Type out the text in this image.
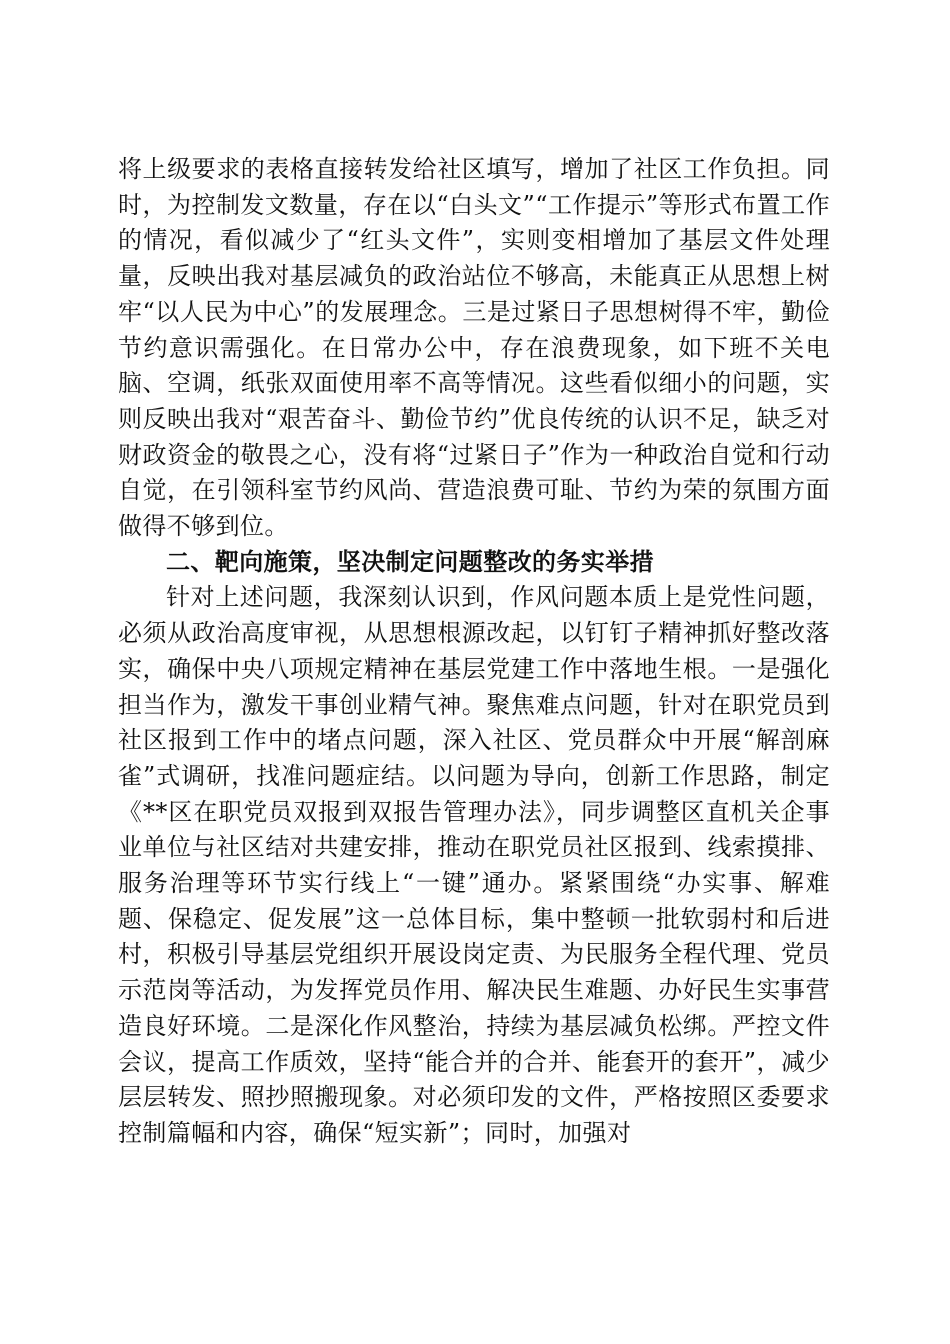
将上级要求的表格直接转发给社区填写，增加了社区工作负担。同时，为控制发文数量，存在以“白头文”“工作提示”等形式布置工作的情况，看似减少了“红头文件”，实则变相增加了基层文件处理量，反映出我对基层减负的政治站位不够高，未能真正从思想上树牢“以人民为中心”的发展理念。三是过紧日子思想树得不牢，勤俭节约意识需强化。在日常办公中，存在浪费现象，如下班不关电脑、空调，纸张双面使用率不高等情况。这些看似细小的问题，实则反映出我对“艰苦奋斗、勤俭节约”优良传统的认识不足，缺乏对财政资金的敬畏之心，没有将“过紧日子”作为一种政治自觉和行动自觉，在引领科室节约风尚、营造浪费可耻、节约为荣的氛围方面做得不够到位。

二、靶向施策，坚决制定问题整改的务实举措

针对上述问题，我深刻认识到，作风问题本质上是党性问题，必须从政治高度审视，从思想根源改起，以钉钉子精神抓好整改落实，确保中央八项规定精神在基层党建工作中落地生根。一是强化担当作为，激发干事创业精气神。聚焦难点问题，针对在职党员到社区报到工作中的堵点问题，深入社区、党员群众中开展“解剖麻雀”式调研，找准问题症结。以问题为导向，创新工作思路，制定《**区在职党员双报到双报告管理办法》，同步调整区直机关企事业单位与社区结对共建安排，推动在职党员社区报到、线索摸排、服务治理等环节实行线上“一键”通办。紧紧围绕“办实事、解难题、保稳定、促发展”这一总体目标，集中整顿一批软弱村和后进村，积极引导基层党组织开展设岗定责、为民服务全程代理、党员示范岗等活动，为发挥党员作用、解决民生难题、办好民生实事营造良好环境。二是深化作风整治，持续为基层减负松绑。严控文件会议，提高工作质效，坚持“能合并的合并、能套开的套开”，减少层层转发、照抄照搬现象。对必须印发的文件，严格按照区委要求控制篇幅和内容，确保“短实新”；同时，加强对
